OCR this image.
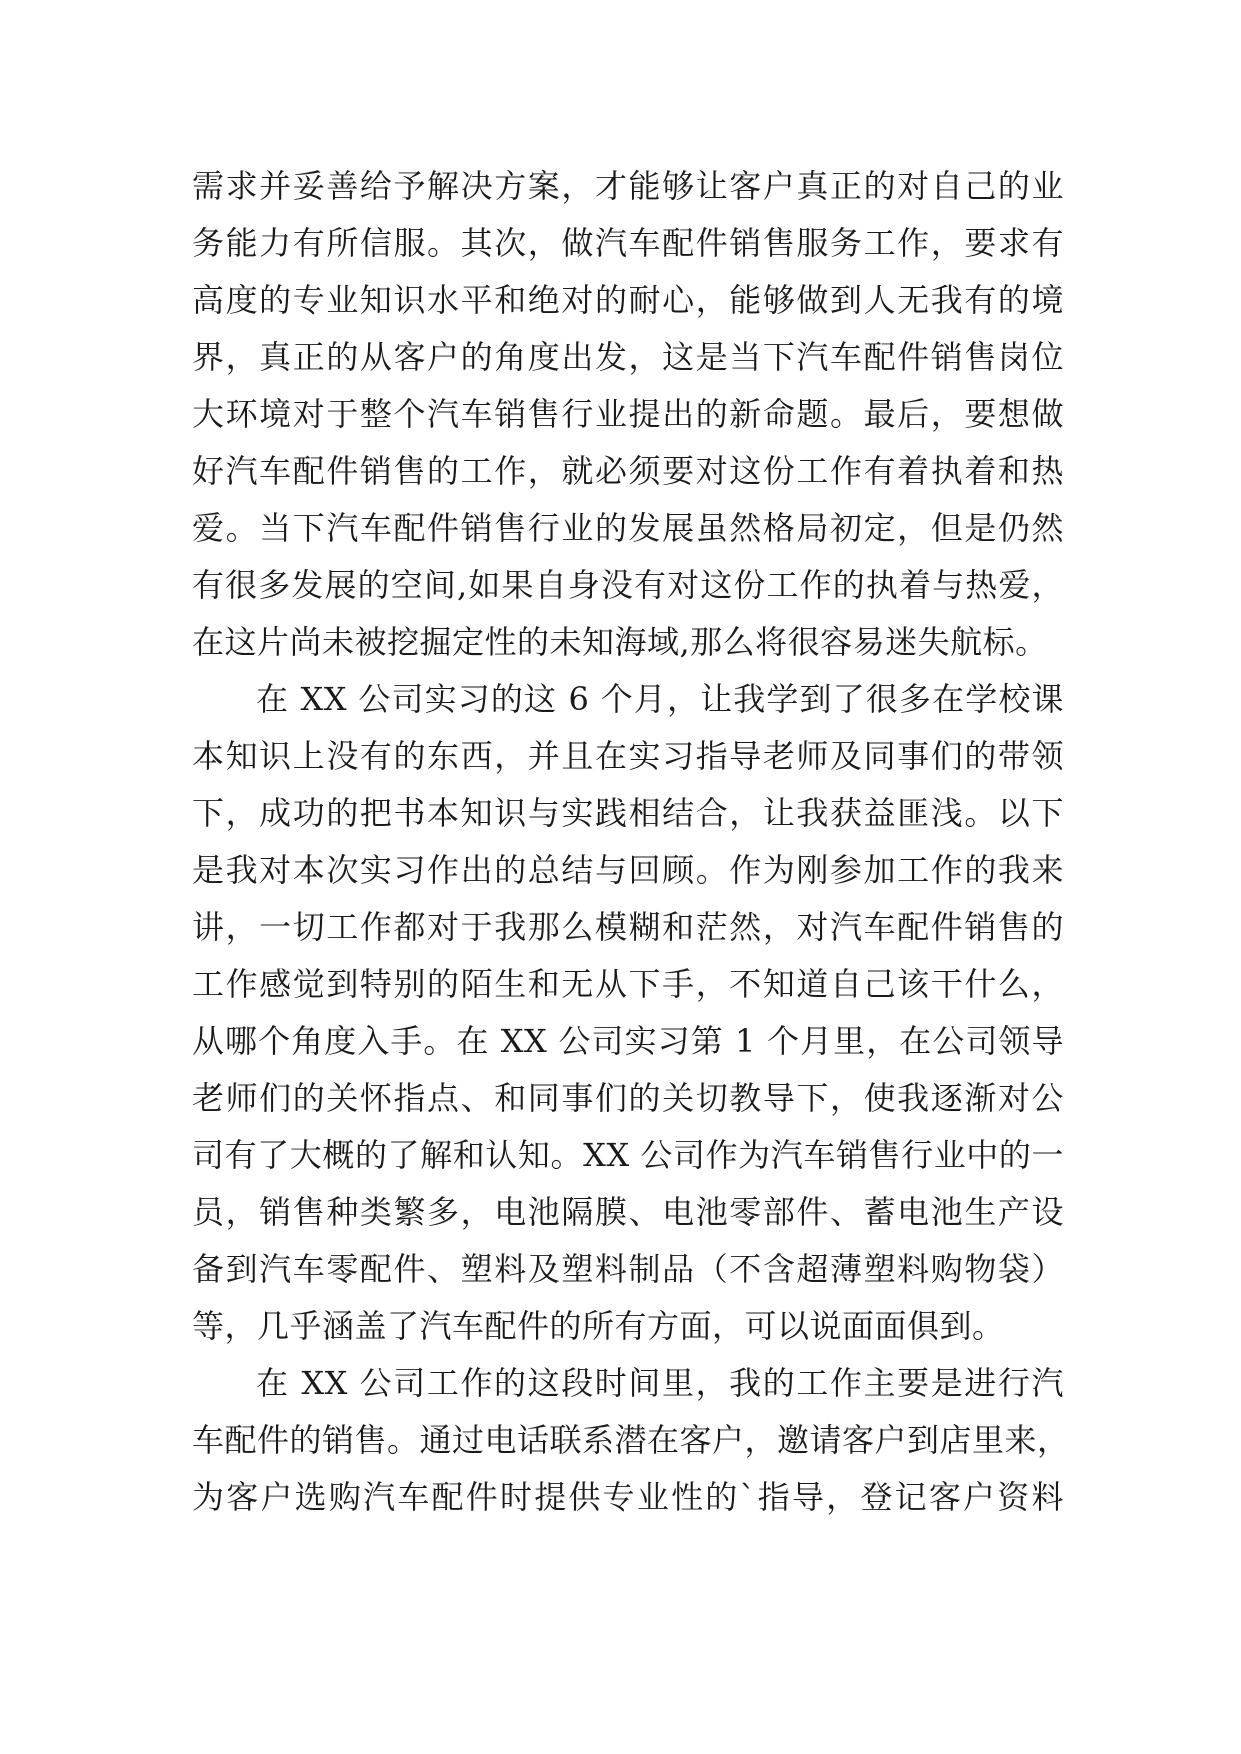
需求并妥善给予解决方案，才能够让客户真正的对自己的业
务能力有所信服。其次，做汽车配件销售服务工作，要求有
高度的专业知识水平和绝对的耐心，能够做到人无我有的境
界，真正的从客户的角度出发，这是当下汽车配件销售岗位
大环境对于整个汽车销售行业提出的新命题。最后，要想做
好汽车配件销售的工作，就必须要对这份工作有着执着和热
爱。当下汽车配件销售行业的发展虽然格局初定，但是仍然
有很多发展的空间,如果自身没有对这份工作的执着与热爱，
在这片尚未被挖掘定性的未知海域,那么将很容易迷失航标。
在 XX 公司实习的这 6 个月，让我学到了很多在学校课
本知识上没有的东西，并且在实习指导老师及同事们的带领
下，成功的把书本知识与实践相结合，让我获益匪浅。以下
是我对本次实习作出的总结与回顾。作为刚参加工作的我来
讲，一切工作都对于我那么模糊和茫然，对汽车配件销售的
工作感觉到特别的陌生和无从下手，不知道自己该干什么，
从哪个角度入手。在 XX 公司实习第 1 个月里，在公司领导
老师们的关怀指点、和同事们的关切教导下，使我逐渐对公
司有了大概的了解和认知。XX 公司作为汽车销售行业中的一
员，销售种类繁多，电池隔膜、电池零部件、蓄电池生产设
备到汽车零配件、塑料及塑料制品（不含超薄塑料购物袋）
等，几乎涵盖了汽车配件的所有方面，可以说面面俱到。
在 XX 公司工作的这段时间里，我的工作主要是进行汽
车配件的销售。通过电话联系潜在客户，邀请客户到店里来，
为客户选购汽车配件时提供专业性的`指导，登记客户资料
